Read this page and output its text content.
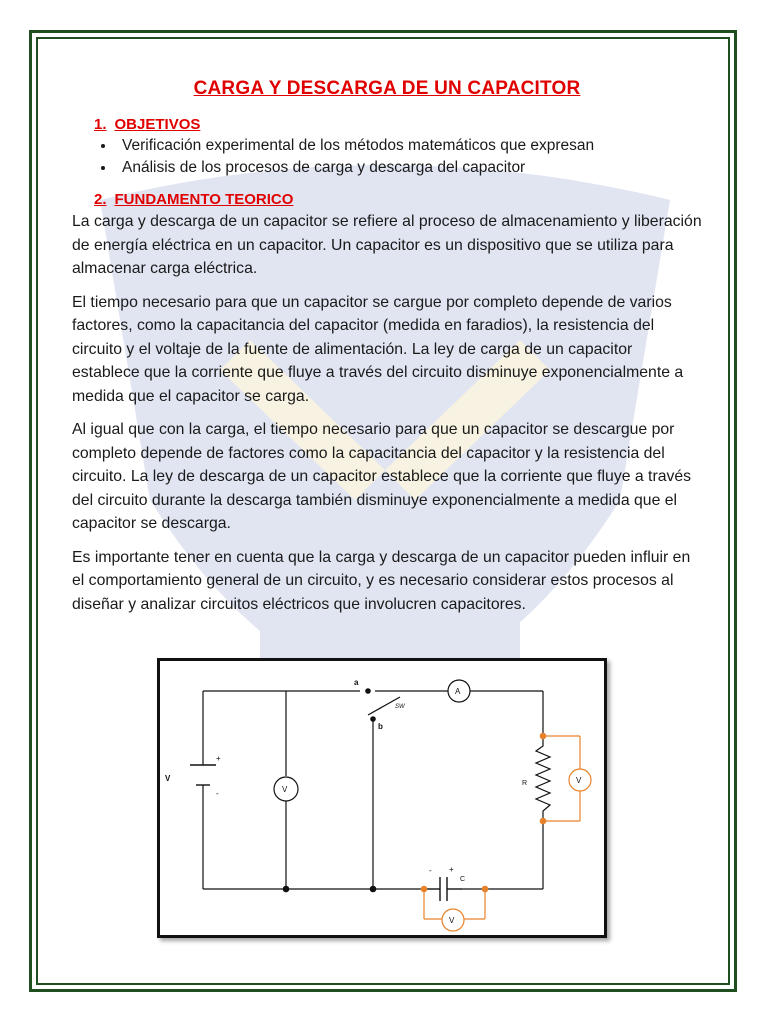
CARGA Y DESCARGA DE UN CAPACITOR
1. OBJETIVOS
• Verificación experimental de los métodos matemáticos que expresan
• Análisis de los procesos de carga y descarga del capacitor
2. FUNDAMENTO TEORICO

La carga y descarga de un capacitor se refiere al proceso de almacenamiento y liberación de energía eléctrica en un capacitor. Un capacitor es un dispositivo que se utiliza para almacenar carga eléctrica.

El tiempo necesario para que un capacitor se cargue por completo depende de varios factores, como la capacitancia del capacitor (medida en faradios), la resistencia del circuito y el voltaje de la fuente de alimentación. La ley de carga de un capacitor establece que la corriente que fluye a través del circuito disminuye exponencialmente a medida que el capacitor se carga.

Al igual que con la carga, el tiempo necesario para que un capacitor se descargue por completo depende de factores como la capacitancia del capacitor y la resistencia del circuito. La ley de descarga de un capacitor establece que la corriente que fluye a través del circuito durante la descarga también disminuye exponencialmente a medida que el capacitor se descarga.

Es importante tener en cuenta que la carga y descarga de un capacitor pueden influir en el comportamiento general de un circuito, y es necesario considerar estos procesos al diseñar y analizar circuitos eléctricos que involucren capacitores.

V
+
-	V
a
b
SW
A
R	V
- +
C
V
